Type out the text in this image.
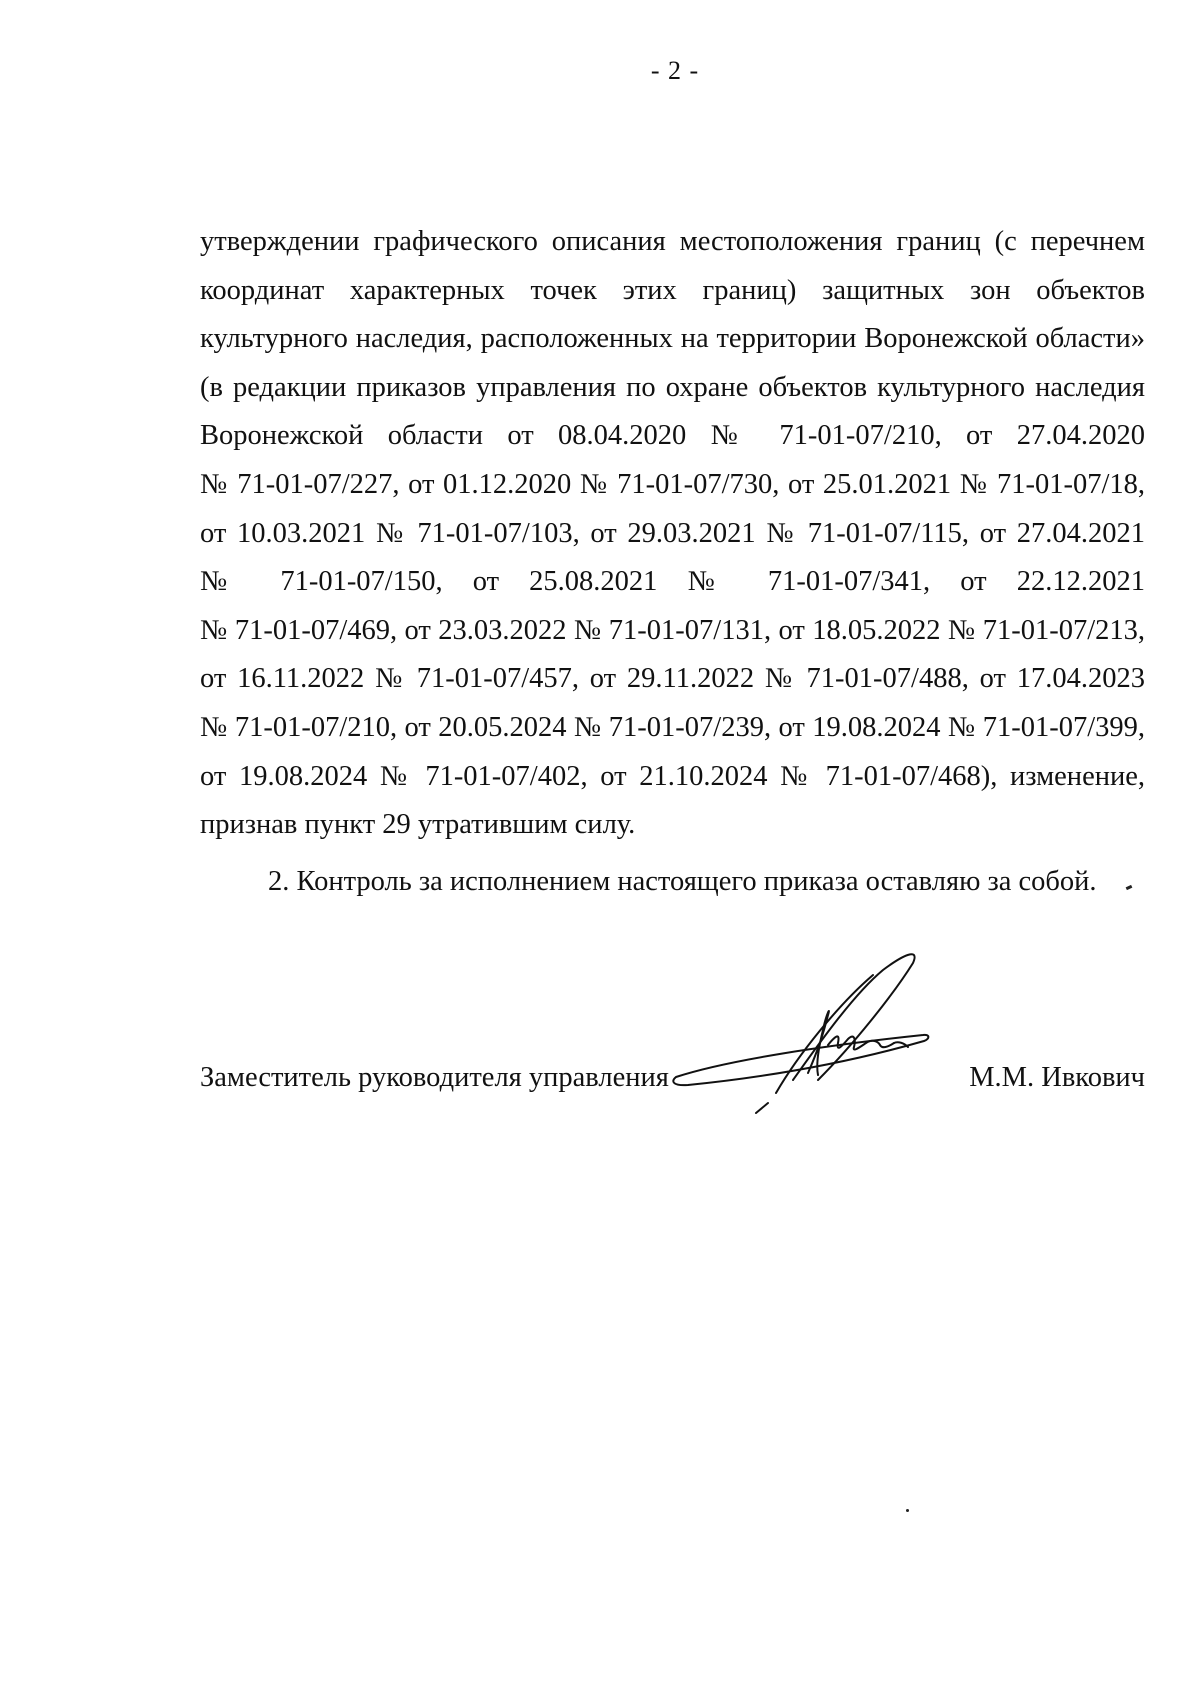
- 2 -
утверждении графического описания местоположения границ (с перечнем
координат характерных точек этих границ) защитных зон объектов
культурного наследия, расположенных на территории Воронежской области»
(в редакции приказов управления по охране объектов культурного наследия
Воронежской области от 08.04.2020 № 71-01-07/210, от 27.04.2020
№ 71-01-07/227, от 01.12.2020 № 71-01-07/730, от 25.01.2021 № 71-01-07/18,
от 10.03.2021 № 71-01-07/103, от 29.03.2021 № 71-01-07/115, от 27.04.2021
№ 71-01-07/150, от 25.08.2021 № 71-01-07/341, от 22.12.2021
№ 71-01-07/469, от 23.03.2022 № 71-01-07/131, от 18.05.2022 № 71-01-07/213,
от 16.11.2022 № 71-01-07/457, от 29.11.2022 № 71-01-07/488, от 17.04.2023
№ 71-01-07/210, от 20.05.2024 № 71-01-07/239, от 19.08.2024 № 71-01-07/399,
от 19.08.2024 № 71-01-07/402, от 21.10.2024 № 71-01-07/468), изменение,
признав пункт 29 утратившим силу.
2. Контроль за исполнением настоящего приказа оставляю за собой.
Заместитель руководителя управления	М.М. Ивкович
